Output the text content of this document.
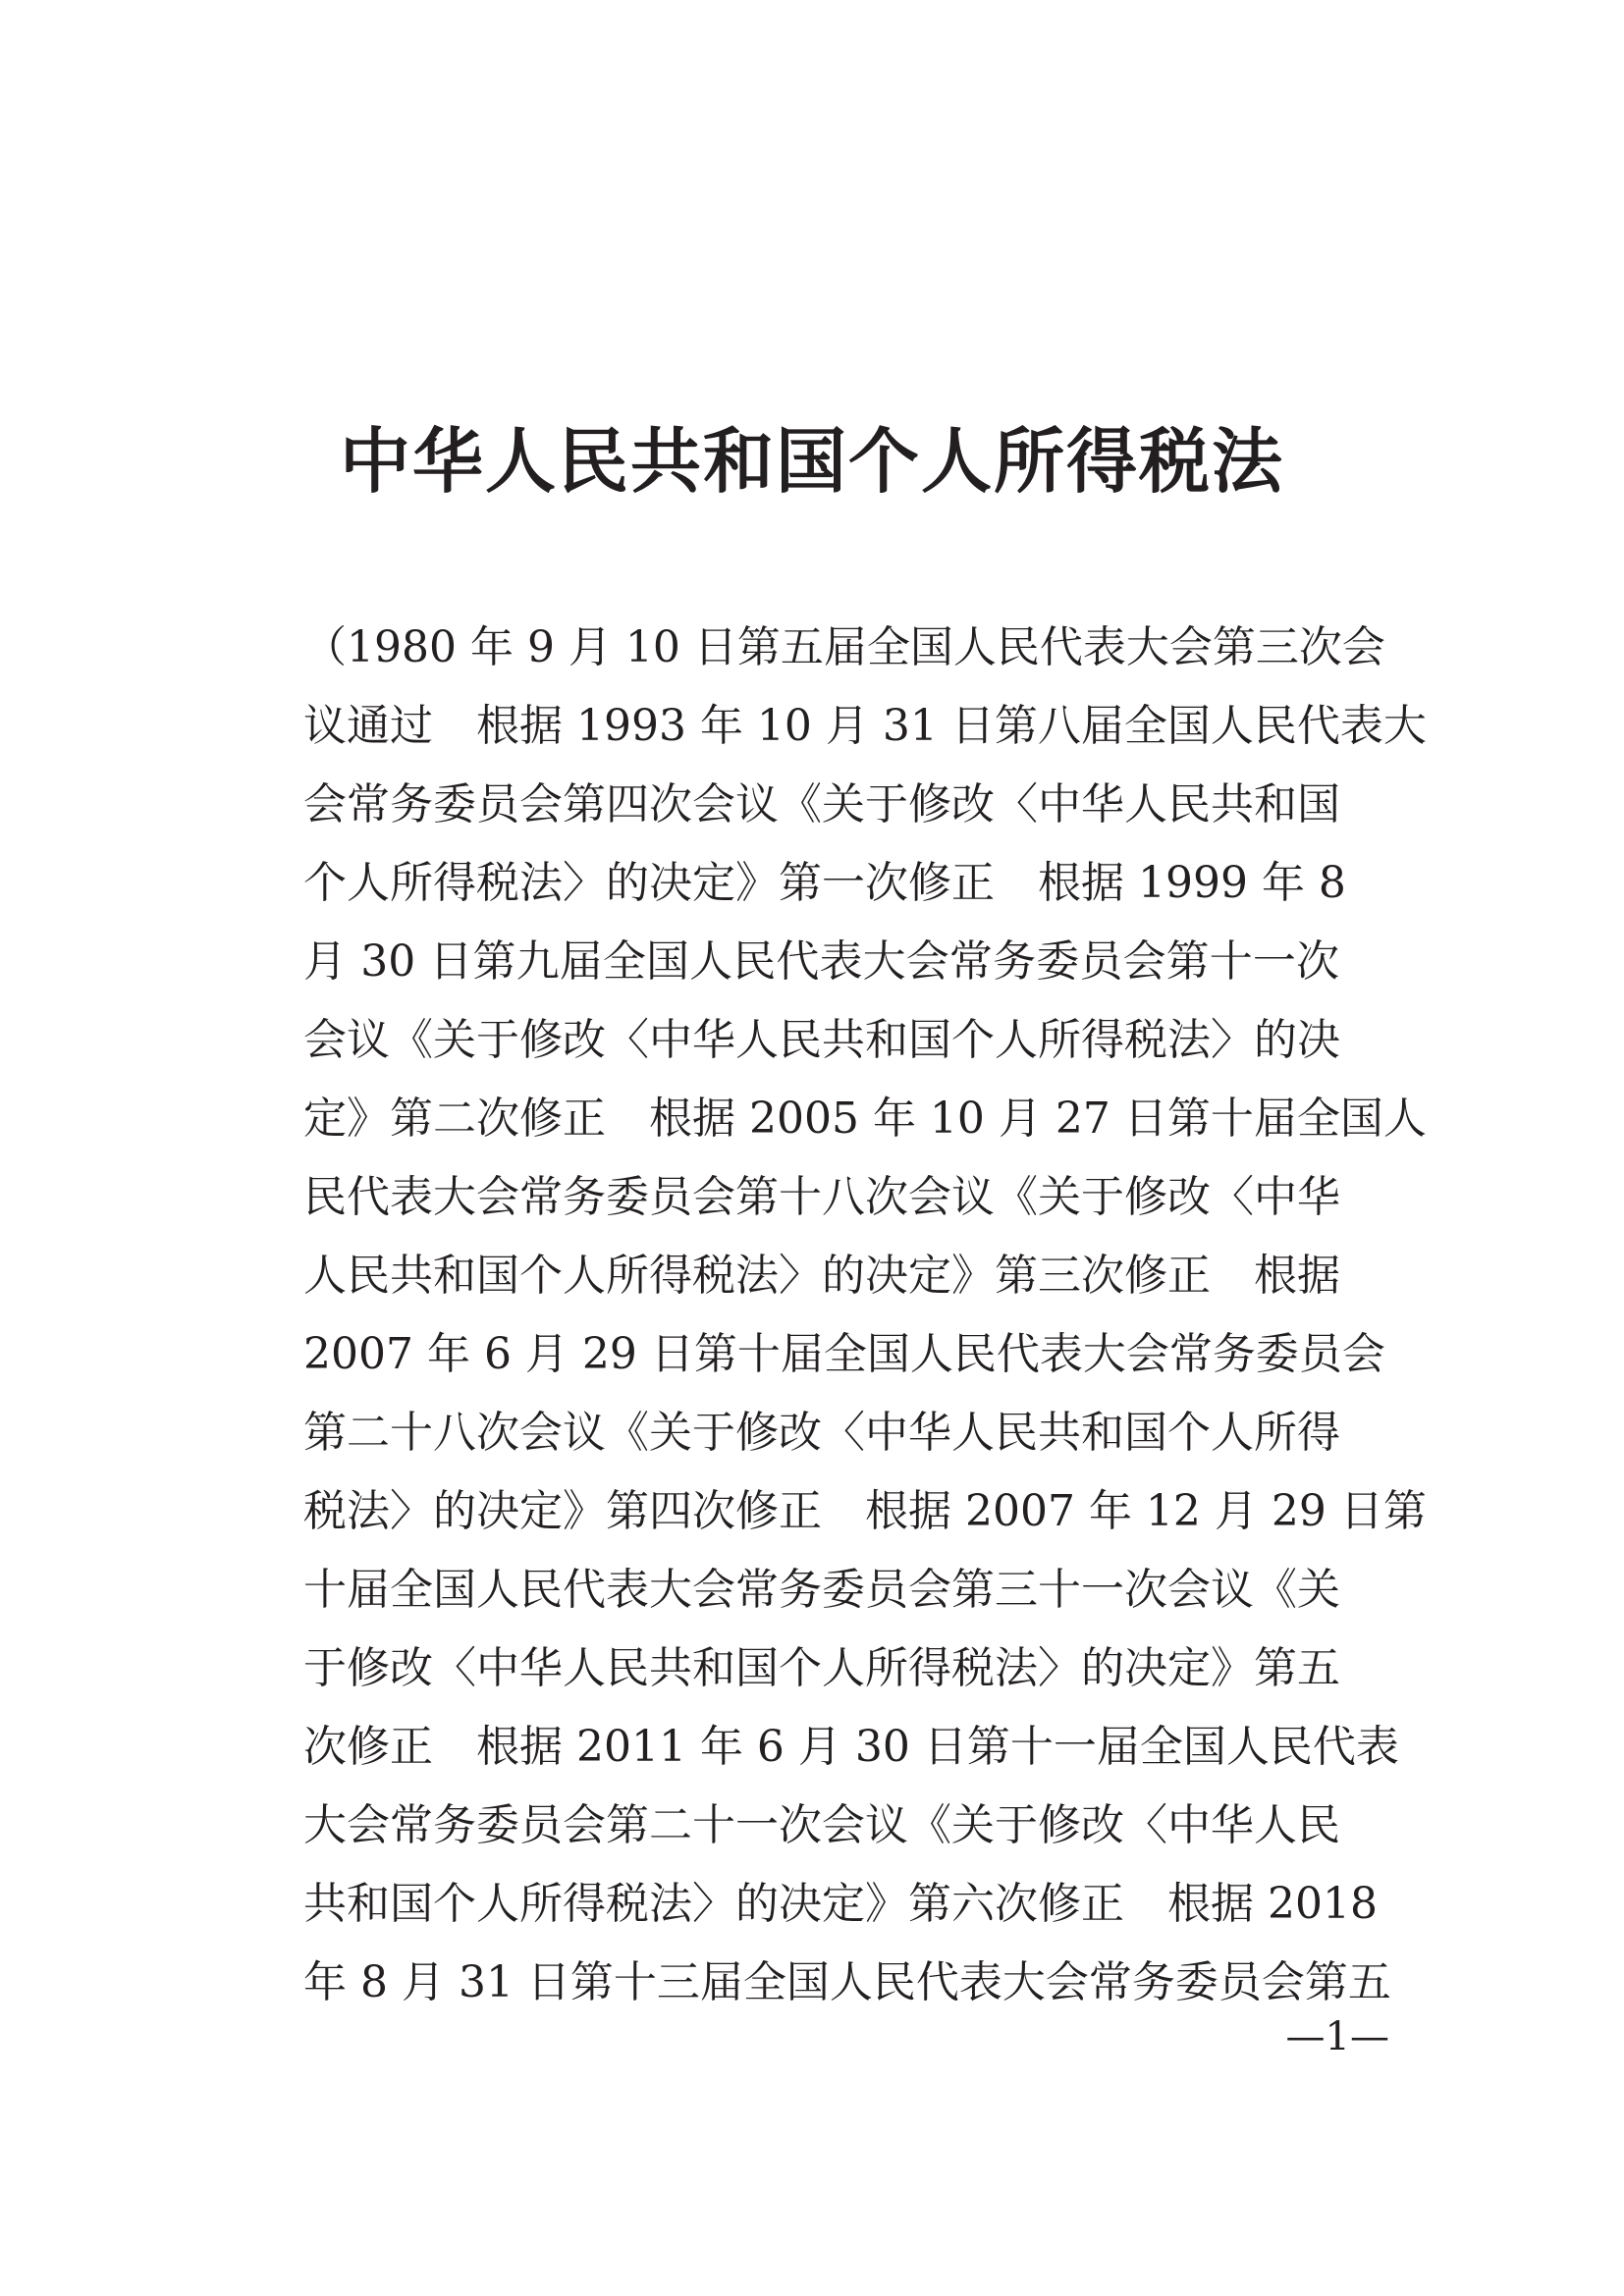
中华人民共和国个人所得税法
（1980 年 9 月 10 日第五届全国人民代表大会第三次会
议通过　根据 1993 年 10 月 31 日第八届全国人民代表大
会常务委员会第四次会议《关于修改〈中华人民共和国
个人所得税法〉的决定》第一次修正　根据 1999 年 8
月 30 日第九届全国人民代表大会常务委员会第十一次
会议《关于修改〈中华人民共和国个人所得税法〉的决
定》第二次修正　根据 2005 年 10 月 27 日第十届全国人
民代表大会常务委员会第十八次会议《关于修改〈中华
人民共和国个人所得税法〉的决定》第三次修正　根据
2007 年 6 月 29 日第十届全国人民代表大会常务委员会
第二十八次会议《关于修改〈中华人民共和国个人所得
税法〉的决定》第四次修正　根据 2007 年 12 月 29 日第
十届全国人民代表大会常务委员会第三十一次会议《关
于修改〈中华人民共和国个人所得税法〉的决定》第五
次修正　根据 2011 年 6 月 30 日第十一届全国人民代表
大会常务委员会第二十一次会议《关于修改〈中华人民
共和国个人所得税法〉的决定》第六次修正　根据 2018
年 8 月 31 日第十三届全国人民代表大会常务委员会第五
—1—
